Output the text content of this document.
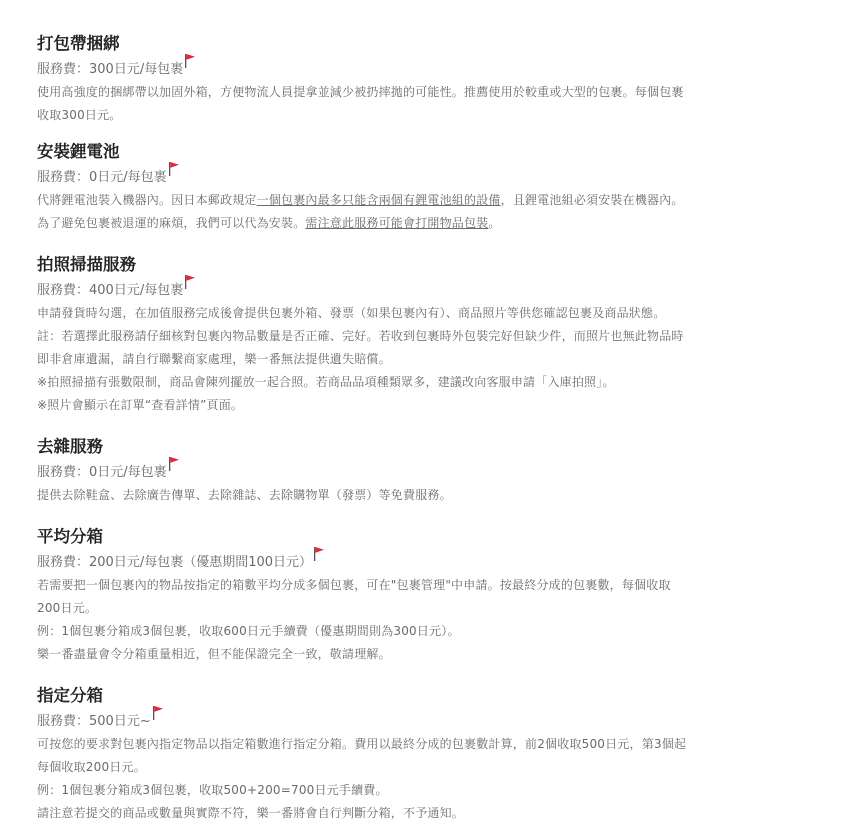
打包帶捆綁
服務費：300日元/每包裹

使用高強度的捆綁帶以加固外箱，方便物流人員提拿並減少被扔摔拋的可能性。推薦使用於較重或大型的包裹。每個包裹

收取300日元。

安裝鋰電池
服務費：0日元/每包裹

代將鋰電池裝入機器內。因日本郵政規定一個包裹內最多只能含兩個有鋰電池組的設備，且鋰電池組必須安裝在機器內。

為了避免包裹被退運的麻煩，我們可以代為安裝。需注意此服務可能會打開物品包裝。

拍照掃描服務
服務費：400日元/每包裹

申請發貨時勾選，在加值服務完成後會提供包裹外箱、發票（如果包裹內有）、商品照片等供您確認包裹及商品狀態。

註：若選擇此服務請仔細核對包裹內物品數量是否正確、完好。若收到包裹時外包裝完好但缺少件，而照片也無此物品時

即非倉庫遺漏，請自行聯繫商家處理，樂一番無法提供遺失賠償。

※拍照掃描有張數限制，商品會陳列擺放一起合照。若商品品項種類眾多，建議改向客服申請「入庫拍照」。

※照片會顯示在訂單“查看詳情”頁面。

去雜服務
服務費：0日元/每包裹

提供去除鞋盒、去除廣告傳單、去除雜誌、去除購物單（發票）等免費服務。

平均分箱
服務費：200日元/每包裹（優惠期間100日元）

若需要把一個包裹內的物品按指定的箱數平均分成多個包裹，可在"包裹管理"中申請。按最終分成的包裹數，每個收取

200日元。

例：1個包裹分箱成3個包裹，收取600日元手續費（優惠期間則為300日元）。

樂一番盡量會令分箱重量相近，但不能保證完全一致，敬請理解。

指定分箱
服務費：500日元~

可按您的要求對包裹內指定物品以指定箱數進行指定分箱。費用以最終分成的包裹數計算，前2個收取500日元，第3個起

每個收取200日元。

例：1個包裹分箱成3個包裹，收取500+200=700日元手續費。

請注意若提交的商品或數量與實際不符，樂一番將會自行判斷分箱，不予通知。
